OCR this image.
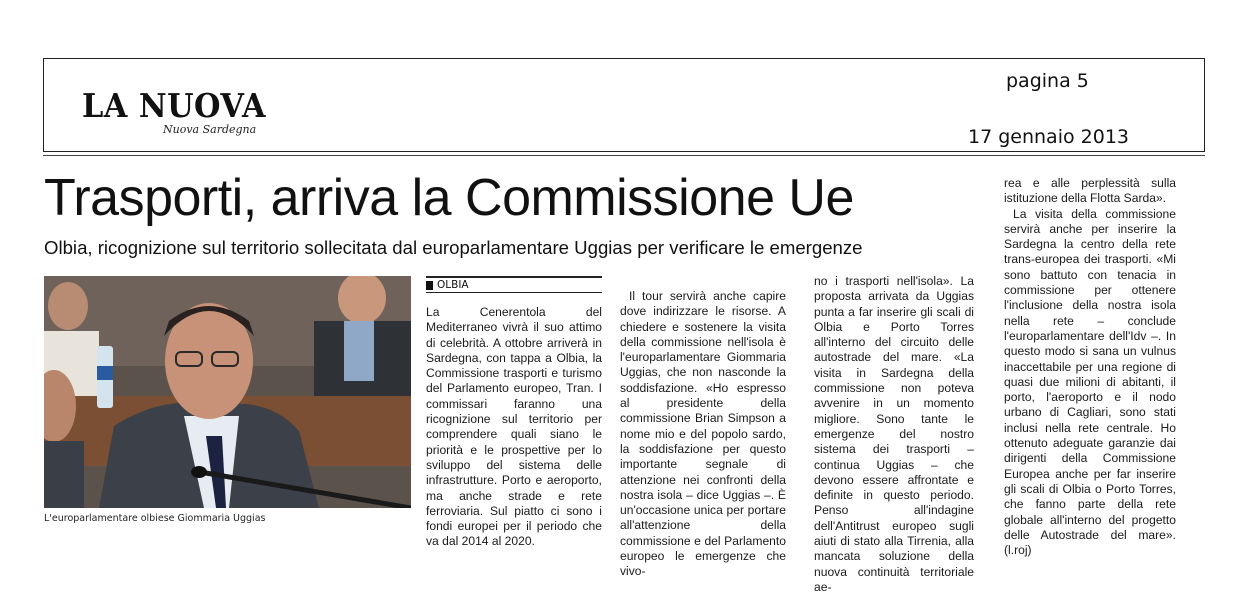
LA NUOVA
Nuova Sardegna
pagina 5
17 gennaio 2013
Trasporti, arriva la Commissione Ue
Olbia, ricognizione sul territorio sollecitata dal europarlamentare Uggias per verificare le emergenze
L'europarlamentare olbiese Giommaria Uggias
OLBIA

La Cenerentola del Mediterraneo vivrà il suo attimo di celebrità. A ottobre arriverà in Sardegna, con tappa a Olbia, la Commissione trasporti e turismo del Parlamento europeo, Tran. I commissari faranno una ricognizione sul territorio per comprendere quali siano le priorità e le prospettive per lo sviluppo del sistema delle infrastrutture. Porto e aeroporto, ma anche strade e rete ferroviaria. Sul piatto ci sono i fondi europei per il periodo che va dal 2014 al 2020.

Il tour servirà anche capire dove indirizzare le risorse. A chiedere e sostenere la visita della commissione nell'isola è l'europarlamentare Giommaria Uggias, che non nasconde la soddisfazione. «Ho espresso al presidente della commissione Brian Simpson a nome mio e del popolo sardo, la soddisfazione per questo importante segnale di attenzione nei confronti della nostra isola – dice Uggias –. È un'occasione unica per portare all'attenzione della commissione e del Parlamento europeo le emergenze che vivo-

no i trasporti nell'isola». La proposta arrivata da Uggias punta a far inserire gli scali di Olbia e Porto Torres all'interno del circuito delle autostrade del mare. «La visita in Sardegna della commissione non poteva avvenire in un momento migliore. Sono tante le emergenze del nostro sistema dei trasporti – continua Uggias – che devono essere affrontate e definite in questo periodo. Penso all'indagine dell'Antitrust europeo sugli aiuti di stato alla Tirrenia, alla mancata soluzione della nuova continuità territoriale ae-

rea e alle perplessità sulla istituzione della Flotta Sarda».

La visita della commissione servirà anche per inserire la Sardegna la centro della rete trans-europea dei trasporti. «Mi sono battuto con tenacia in commissione per ottenere l'inclusione della nostra isola nella rete – conclude l'europarlamentare dell'Idv –. In questo modo si sana un vulnus inaccettabile per una regione di quasi due milioni di abitanti, il porto, l'aeroporto e il nodo urbano di Cagliari, sono stati inclusi nella rete centrale. Ho ottenuto adeguate garanzie dai dirigenti della Commissione Europea anche per far inserire gli scali di Olbia o Porto Torres, che fanno parte della rete globale all'interno del progetto delle Autostrade del mare». (l.roj)
